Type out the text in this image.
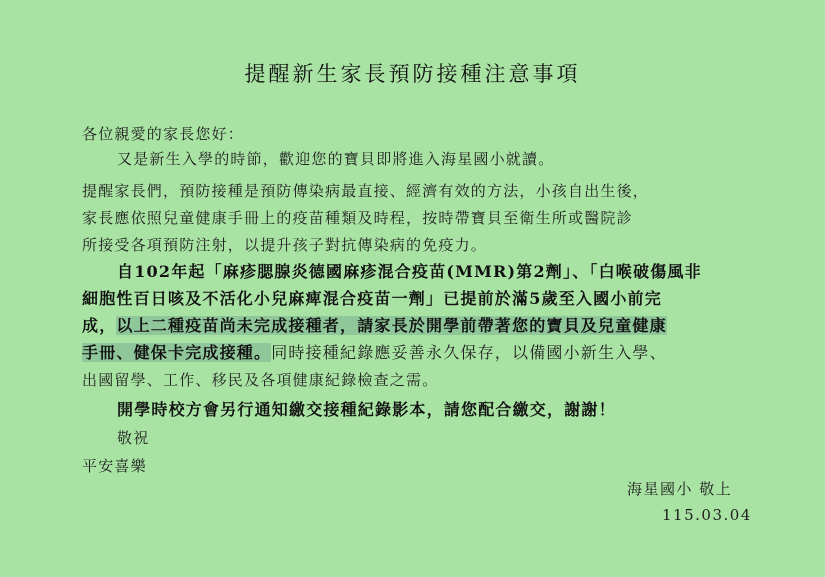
提醒新生家長預防接種注意事項
各位親愛的家長您好：
又是新生入學的時節，歡迎您的寶貝即將進入海星國小就讀。
提醒家長們，預防接種是預防傳染病最直接、經濟有效的方法，小孩自出生後，
家長應依照兒童健康手冊上的疫苗種類及時程，按時帶寶貝至衛生所或醫院診
所接受各項預防注射，以提升孩子對抗傳染病的免疫力。
自102年起「麻疹腮腺炎德國麻疹混合疫苗(MMR)第2劑」、「白喉破傷風非
細胞性百日咳及不活化小兒麻痺混合疫苗一劑」已提前於滿5歲至入國小前完
成，以上二種疫苗尚未完成接種者，請家長於開學前帶著您的寶貝及兒童健康
手冊、健保卡完成接種。同時接種紀錄應妥善永久保存，以備國小新生入學、
出國留學、工作、移民及各項健康紀錄檢查之需。
開學時校方會另行通知繳交接種紀錄影本，請您配合繳交，謝謝！
敬祝
平安喜樂
海星國小 敬上
115.03.04
